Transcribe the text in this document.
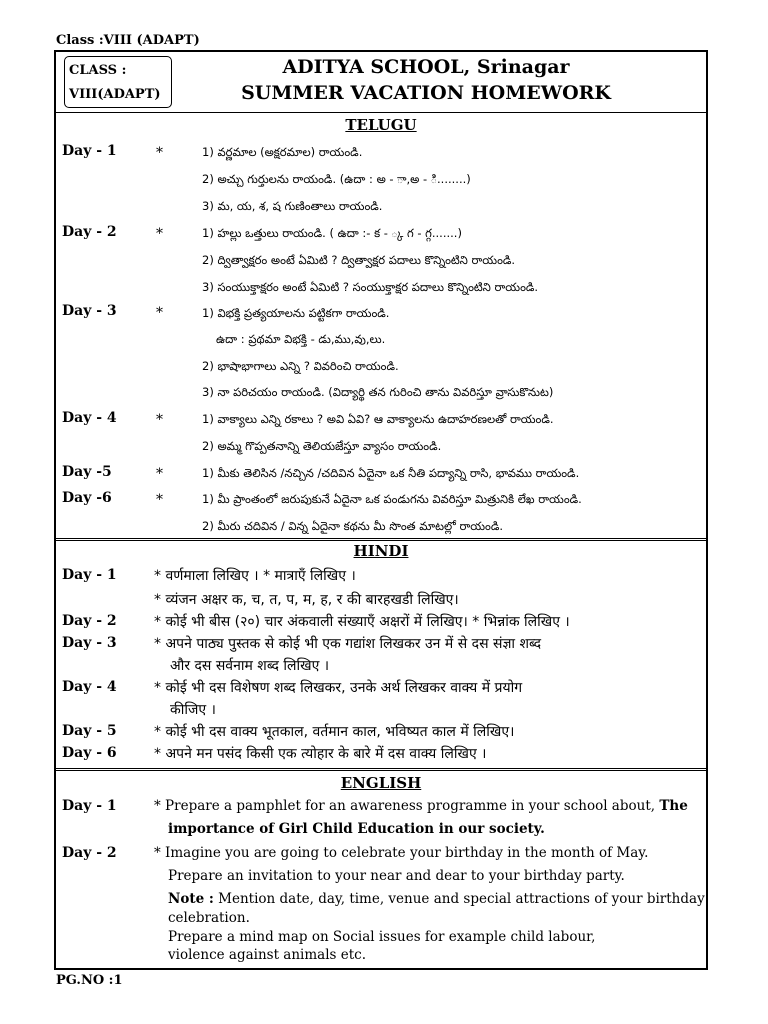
Class :VIII (ADAPT)
CLASS :
VIII(ADAPT)
ADITYA SCHOOL, Srinagar
SUMMER VACATION HOMEWORK
TELUGU
Day - 1	*	1) వర్ణమాల (అక్షరమాల) రాయండి.
2) అచ్చు గుర్తులను రాయండి. (ఉదా : అ - ా,అ - ి........)
3) మ, య, శ, ష గుణింతాలు రాయండి.
Day - 2	*	1) హల్లు ఒత్తులు రాయండి. ( ఉదా :- క - ్క గ - గ్గ.......)
2) ద్విత్వాక్షరం అంటే ఏమిటి ? ద్విత్వాక్షర పదాలు కొన్నింటిని రాయండి.
3) సంయుక్తాక్షరం అంటే ఏమిటి ? సంయుక్తాక్షర పదాలు కొన్నింటిని రాయండి.
Day - 3	*	1) విభక్తి ప్రత్యయాలను పట్టికగా రాయండి.
ఉదా : ప్రథమా విభక్తి - డు,ము,వు,లు.
2) భాషాభాగాలు ఎన్ని ? వివరించి రాయండి.
3) నా పరిచయం రాయండి. (విద్యార్థి తన గురించి తాను వివరిస్తూ వ్రాసుకొనుట)
Day - 4	*	1) వాక్యాలు ఎన్ని రకాలు ? అవి ఏవి? ఆ వాక్యాలను ఉదాహరణలతో రాయండి.
2) అమ్మ గొప్పతనాన్ని తెలియజేస్తూ వ్యాసం రాయండి.
Day -5	*	1) మీకు తెలిసిన /నచ్చిన /చదివిన ఏదైనా ఒక నీతి పద్యాన్ని రాసి, భావము రాయండి.
Day -6	*	1) మీ ప్రాంతంలో జరుపుకునే ఏదైనా ఒక పండుగను వివరిస్తూ మిత్రునికి లేఖ రాయండి.
2) మీరు చదివిన / విన్న ఏదైనా కథను మీ సొంత మాటల్లో రాయండి.
HINDI
Day - 1	* वर्णमाला लिखिए । * मात्राएँ लिखिए ।
* व्यंजन अक्षर क, च, त, प, म, ह, र की बारहखडी लिखिए।
Day - 2	* कोई भी बीस (२०) चार अंकवाली संख्याएँ अक्षरों में लिखिए। * भिन्नांक लिखिए ।
Day - 3	* अपने पाठ्य पुस्तक से कोई भी एक गद्यांश लिखकर उन में से दस संज्ञा शब्द
और दस सर्वनाम शब्द लिखिए ।
Day - 4	* कोई भी दस विशेषण शब्द लिखकर, उनके अर्थ लिखकर वाक्य में प्रयोग
कीजिए ।
Day - 5	* कोई भी दस वाक्य भूतकाल, वर्तमान काल, भविष्यत काल में लिखिए।
Day - 6	* अपने मन पसंद किसी एक त्योहार के बारे में दस वाक्य लिखिए ।
ENGLISH
Day - 1	* Prepare a pamphlet for an awareness programme in your school about, The
importance of Girl Child Education in our society.
Day - 2	* Imagine you are going to celebrate your birthday in the month of May.
Prepare an invitation to your near and dear to your birthday party.
Note : Mention date, day, time, venue and special attractions of your birthday
celebration.
Prepare a mind map on Social issues for example child labour,
violence against animals etc.
PG.NO :1
